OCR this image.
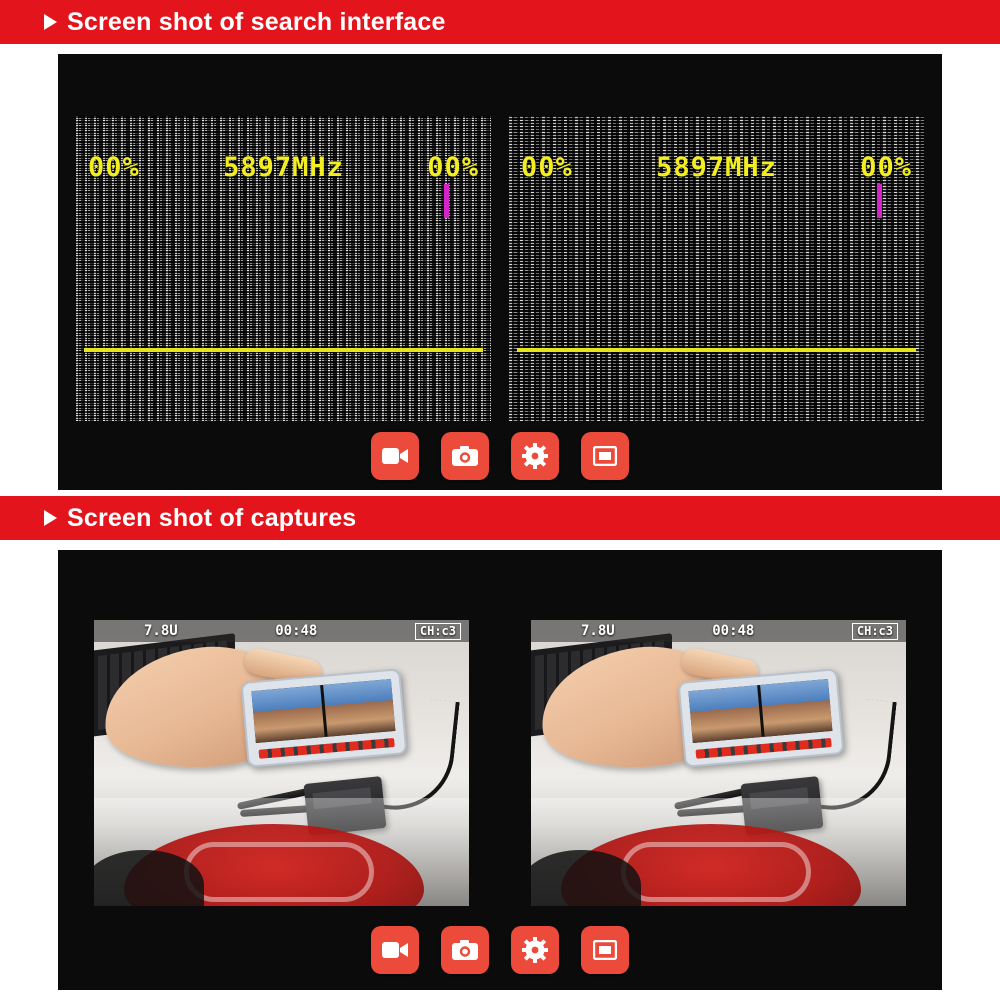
Screen shot of search interface
00%	5897MHz	00% 00%	5897MHz	00%
Screen shot of captures
7.8U	00:48	CH:c3	7.8U	00:48	CH:c3
